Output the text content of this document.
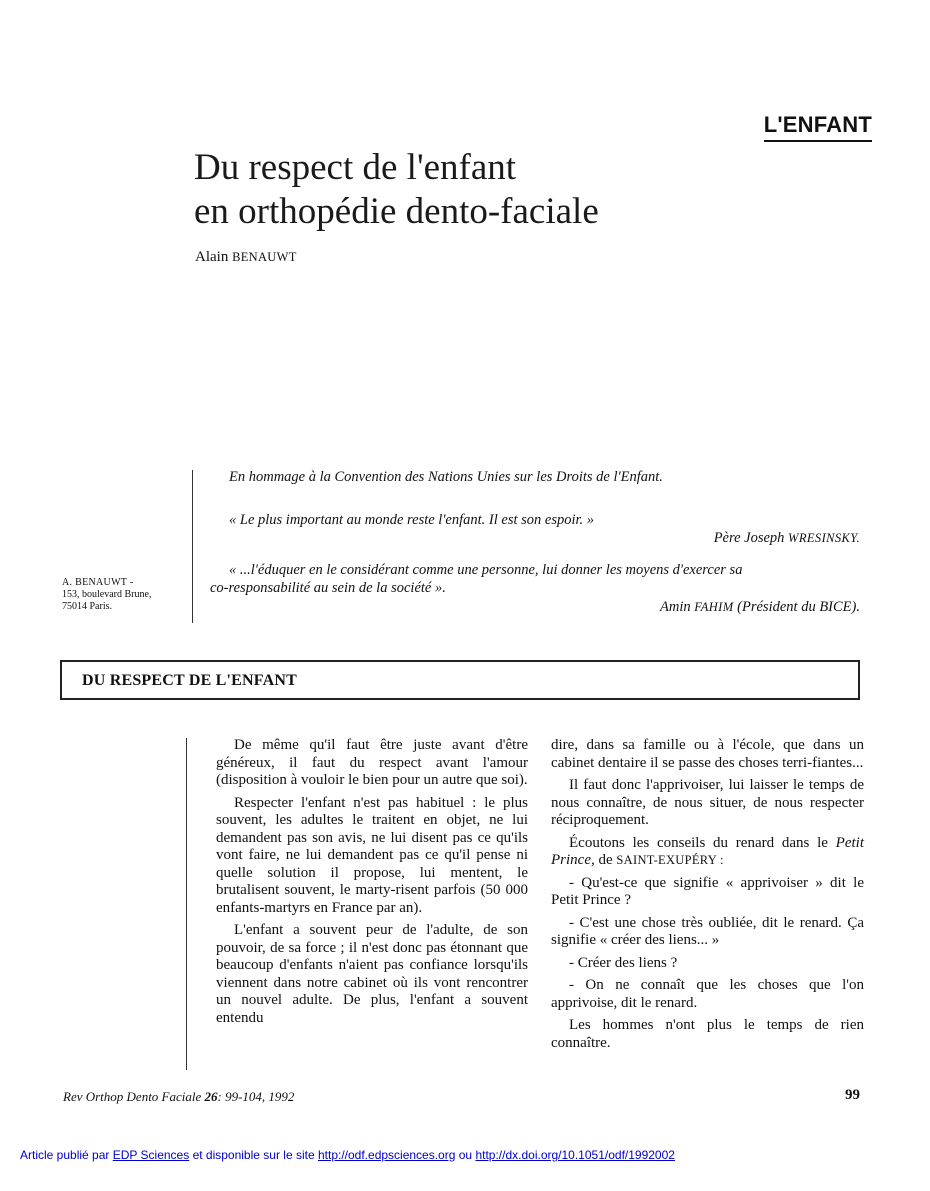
L'ENFANT
Du respect de l'enfant
en orthopédie dento-faciale
Alain BENAUWT
En hommage à la Convention des Nations Unies sur les Droits de l'Enfant.
« Le plus important au monde reste l'enfant. Il est son espoir. »
Père Joseph WRESINSKY.
« ...l'éduquer en le considérant comme une personne, lui donner les moyens d'exercer sa
co-responsabilité au sein de la société ».
Amin FAHIM (Président du BICE).
A. BENAUWT -
153, boulevard Brune,
75014 Paris.
DU RESPECT DE L'ENFANT

De même qu'il faut être juste avant d'être généreux, il faut du respect avant l'amour (disposition à vouloir le bien pour un autre que soi).

Respecter l'enfant n'est pas habituel : le plus souvent, les adultes le traitent en objet, ne lui demandent pas son avis, ne lui disent pas ce qu'ils vont faire, ne lui demandent pas ce qu'il pense ni quelle solution il propose, lui mentent, le brutalisent souvent, le marty-risent parfois (50 000 enfants-martyrs en France par an).

L'enfant a souvent peur de l'adulte, de son pouvoir, de sa force ; il n'est donc pas étonnant que beaucoup d'enfants n'aient pas confiance lorsqu'ils viennent dans notre cabinet où ils vont rencontrer un nouvel adulte. De plus, l'enfant a souvent entendu

dire, dans sa famille ou à l'école, que dans un cabinet dentaire il se passe des choses terri-fiantes...

Il faut donc l'apprivoiser, lui laisser le temps de nous connaître, de nous situer, de nous respecter réciproquement.

Écoutons les conseils du renard dans le Petit Prince, de SAINT-EXUPÉRY :

- Qu'est-ce que signifie « apprivoiser » dit le Petit Prince ?

- C'est une chose très oubliée, dit le renard. Ça signifie « créer des liens... »

- Créer des liens ?

- On ne connaît que les choses que l'on apprivoise, dit le renard.

Les hommes n'ont plus le temps de rien connaître.

Rev Orthop Dento Faciale 26: 99-104, 1992	99
Article publié par EDP Sciences et disponible sur le site http://odf.edpsciences.org ou http://dx.doi.org/10.1051/odf/1992002
